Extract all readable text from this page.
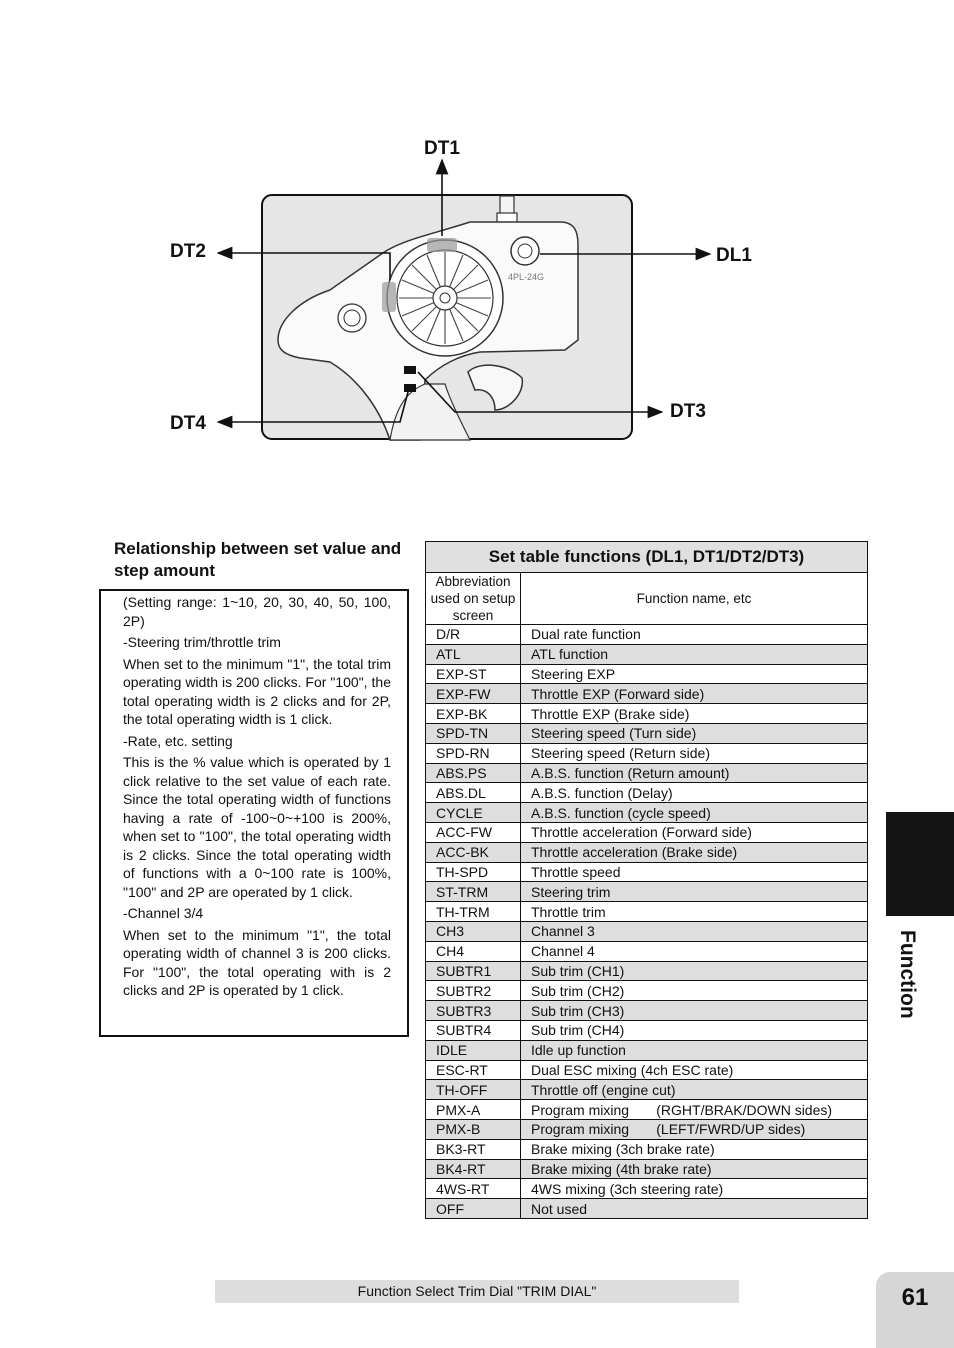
4PL-24G
DT1
DT2	DL1
DT3
DT4
Relationship between set value and step amount

(Setting range: 1~10, 20, 30, 40, 50, 100, 2P)

-Steering trim/throttle trim

When set to the minimum "1", the total trim operating width is 200 clicks. For "100", the total operating width is 2 clicks and for 2P, the total operating width is 1 click.

-Rate, etc. setting

This is the % value which is operated by 1 click relative to the set value of each rate. Since the total operating width of functions having a rate of -100~0~+100 is 200%, when set to "100", the total operating width is 2 clicks. Since the total operating width of functions with a 0~100 rate is 100%, "100" and 2P are operated by 1 click.

-Channel 3/4

When set to the minimum "1", the total operating width of channel 3 is 200 clicks. For "100", the total operating with is 2 clicks and 2P is operated by 1 click.

Set table functions (DL1, DT1/DT2/DT3)	
Abbreviation used on setup screen	Function name, etc
D/R	Dual rate function
ATL	ATL function
EXP-ST	Steering EXP
EXP-FW	Throttle EXP (Forward side)
EXP-BK	Throttle EXP (Brake side)
SPD-TN	Steering speed (Turn side)
SPD-RN	Steering speed (Return side)
ABS.PS	A.B.S. function (Return amount)
ABS.DL	A.B.S. function (Delay)
CYCLE	A.B.S. function (cycle speed)
ACC-FW	Throttle acceleration (Forward side)
ACC-BK	Throttle acceleration (Brake side)
TH-SPD	Throttle speed
ST-TRM	Steering trim
TH-TRM	Throttle trim
CH3	Channel 3
CH4	Channel 4
SUBTR1	Sub trim (CH1)
SUBTR2	Sub trim (CH2)
SUBTR3	Sub trim (CH3)
SUBTR4	Sub trim (CH4)
IDLE	Idle up function
ESC-RT	Dual ESC mixing (4ch ESC rate)
TH-OFF	Throttle off (engine cut)
PMX-A	Program mixing       (RGHT/BRAK/DOWN sides)
PMX-B	Program mixing       (LEFT/FWRD/UP sides)
BK3-RT	Brake mixing (3ch brake rate)
BK4-RT	Brake mixing (4th brake rate)
4WS-RT	4WS mixing (3ch steering rate)
OFF	Not used
Function
Function Select Trim Dial "TRIM DIAL"	61
